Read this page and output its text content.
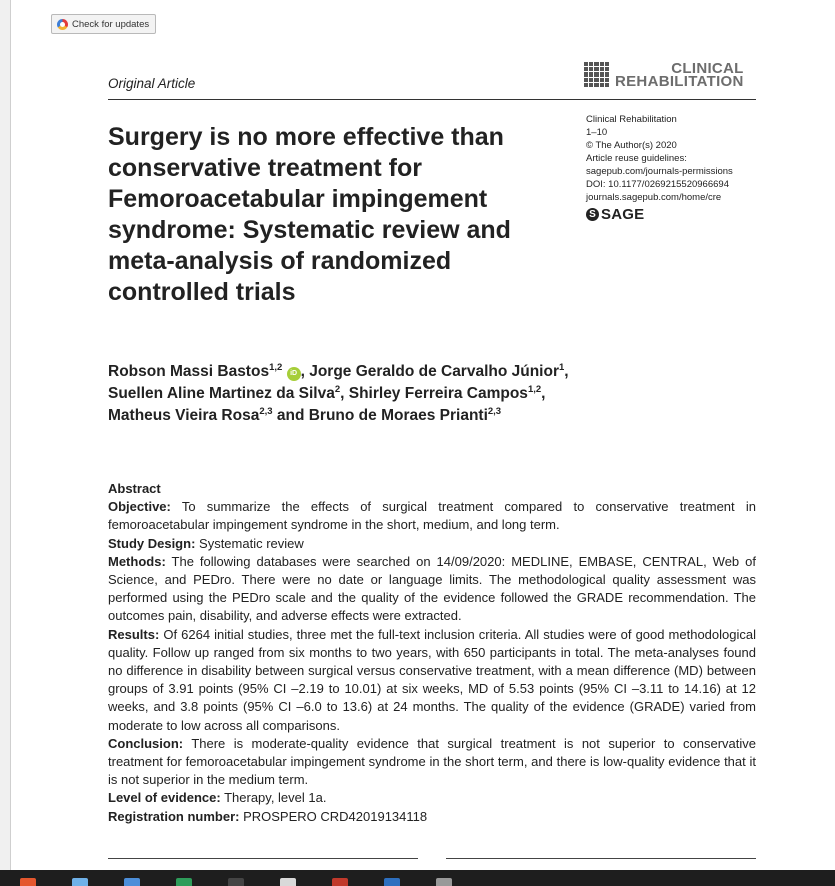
Check for updates
Original Article
CLINICAL
REHABILITATION
Surgery is no more effective than conservative treatment for Femoroacetabular impingement syndrome: Systematic review and meta-analysis of randomized controlled trials
Clinical Rehabilitation
1–10
© The Author(s) 2020
Article reuse guidelines:
sagepub.com/journals-permissions
DOI: 10.1177/0269215520966694
journals.sagepub.com/home/cre
S SAGE
Robson Massi Bastos$^{1,2}$ iD , Jorge Geraldo de Carvalho Júnior$^1$,
Suellen Aline Martinez da Silva$^2$, Shirley Ferreira Campos$^{1,2}$,
Matheus Vieira Rosa$^{2,3}$ and Bruno de Moraes Prianti$^{2,3}$

Abstract

Objective: To summarize the effects of surgical treatment compared to conservative treatment in femoroacetabular impingement syndrome in the short, medium, and long term.

Study Design: Systematic review

Methods: The following databases were searched on 14/09/2020: MEDLINE, EMBASE, CENTRAL, Web of Science, and PEDro. There were no date or language limits. The methodological quality assessment was performed using the PEDro scale and the quality of the evidence followed the GRADE recommendation. The outcomes pain, disability, and adverse effects were extracted.

Results: Of 6264 initial studies, three met the full-text inclusion criteria. All studies were of good methodological quality. Follow up ranged from six months to two years, with 650 participants in total. The meta-analyses found no difference in disability between surgical versus conservative treatment, with a mean difference (MD) between groups of 3.91 points (95% CI –2.19 to 10.01) at six weeks, MD of 5.53 points (95% CI –3.11 to 14.16) at 12 weeks, and 3.8 points (95% CI –6.0 to 13.6) at 24 months. The quality of the evidence (GRADE) varied from moderate to low across all comparisons.

Conclusion: There is moderate-quality evidence that surgical treatment is not superior to conservative treatment for femoroacetabular impingement syndrome in the short term, and there is low-quality evidence that it is not superior in the medium term.

Level of evidence: Therapy, level 1a.

Registration number: PROSPERO CRD42019134118
